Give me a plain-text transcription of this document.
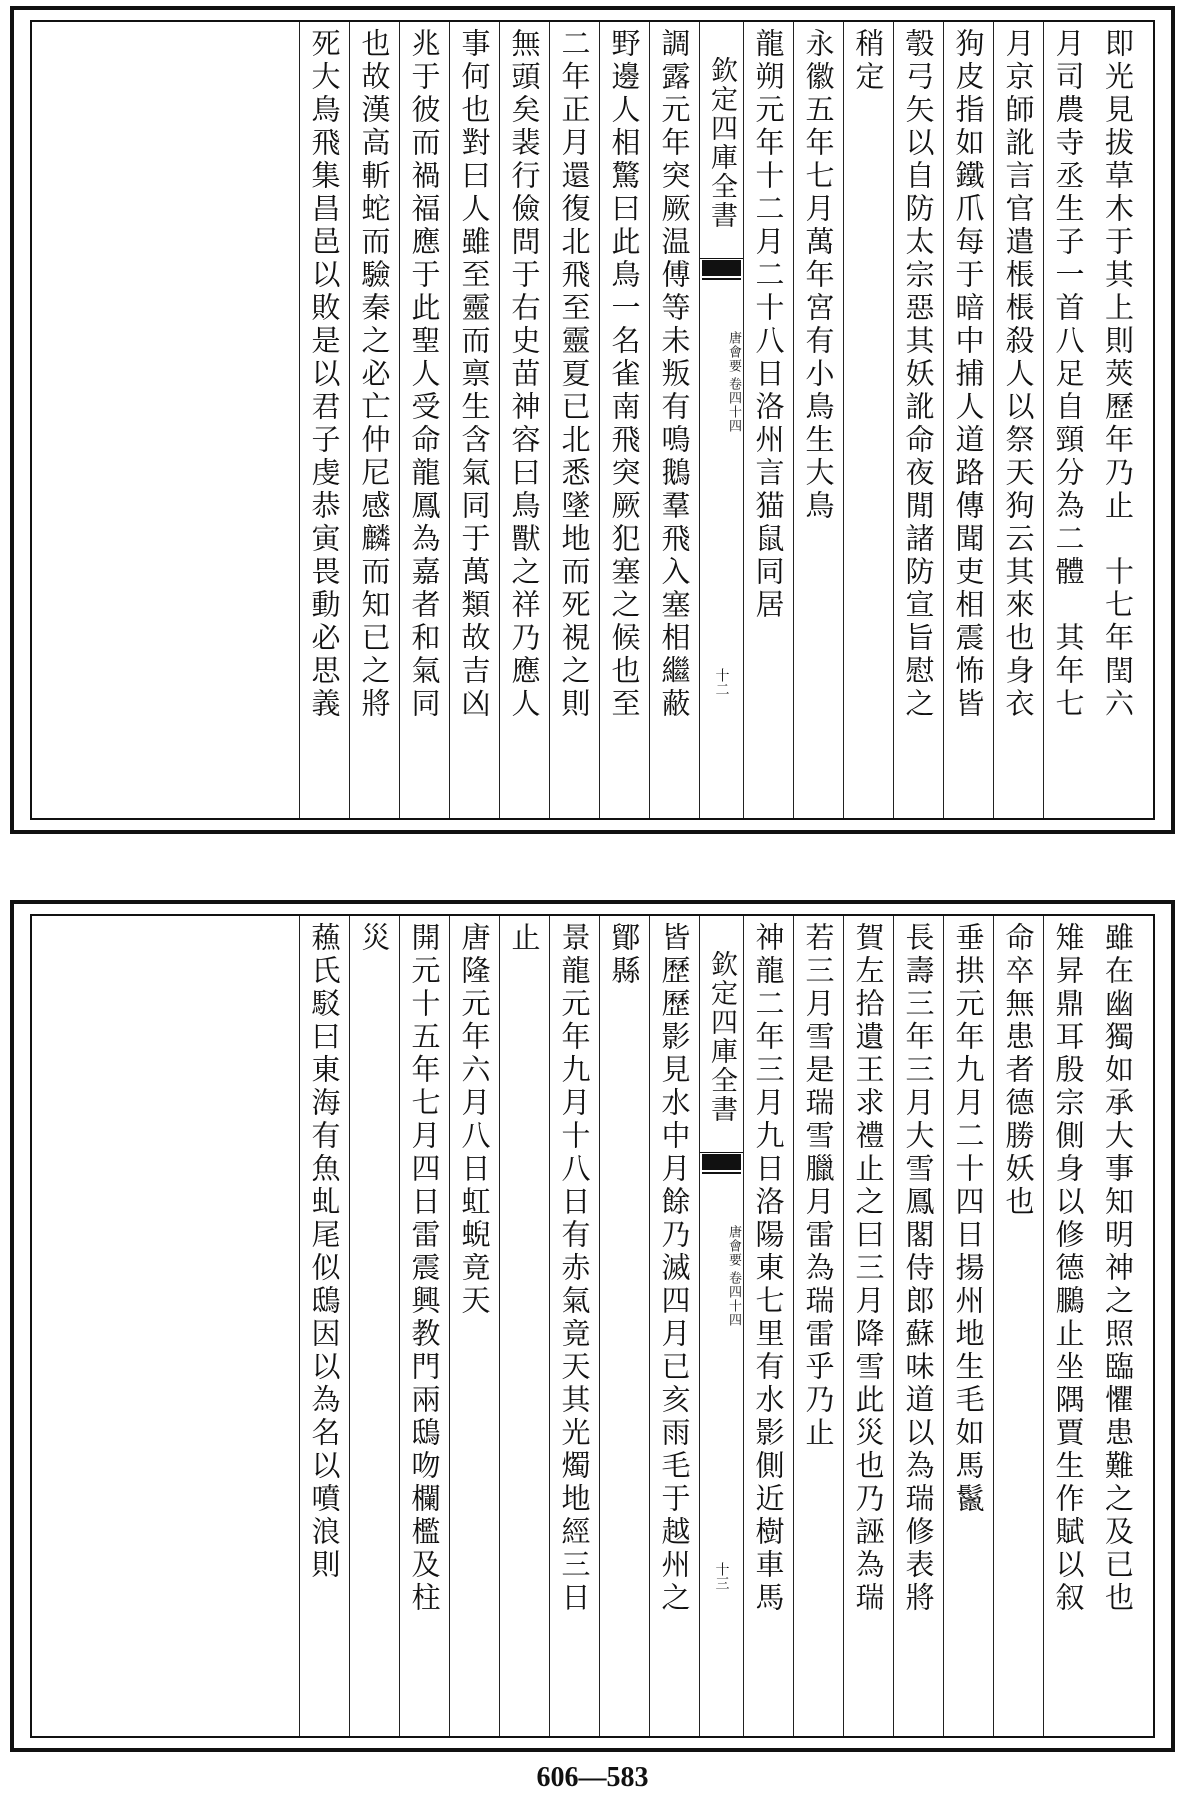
即光見拔草木于其上則莢歷年乃止　十七年閏六
月司農寺丞生子一首八足自頸分為二體　其年七
月京師訛言官遣棖棖殺人以祭天狗云其來也身衣
狗皮指如鐵爪每于暗中捕人道路傳聞吏相震怖皆
彀弓矢以自防太宗惡其妖訛命夜閒諸防宣旨慰之
稍定
永徽五年七月萬年宮有小鳥生大鳥
龍朔元年十二月二十八日洛州言猫鼠同居
欽定四庫全書
唐會要
卷四十四
十二
調露元年突厥温傅等未叛有鳴鵝羣飛入塞相繼蔽
野邊人相驚曰此鳥一名雀南飛突厥犯塞之候也至
二年正月還復北飛至靈夏已北悉墜地而死視之則
無頭矣裴行儉問于右史苗神容曰鳥獸之祥乃應人
事何也對曰人雖至靈而禀生含氣同于萬類故吉凶
兆于彼而禍福應于此聖人受命龍鳳為嘉者和氣同
也故漢高斬蛇而驗秦之必亡仲尼感麟而知已之將
死大鳥飛集昌邑以敗是以君子虔恭寅畏動必思義
雖在幽獨如承大事知明神之照臨懼患難之及已也
雉昇鼎耳殷宗側身以修德鵩止坐隅賈生作賦以叙
命卒無患者德勝妖也
垂拱元年九月二十四日揚州地生毛如馬鬣
長壽三年三月大雪鳳閣侍郎蘇味道以為瑞修表將
賀左拾遺王求禮止之曰三月降雪此災也乃誣為瑞
若三月雪是瑞雪臘月雷為瑞雷乎乃止
神龍二年三月九日洛陽東七里有水影側近樹車馬
欽定四庫全書
唐會要
卷四十四
十三
皆歷歷影見水中月餘乃滅四月已亥雨毛于越州之
鄮縣
景龍元年九月十八日有赤氣竟天其光燭地經三日
止
唐隆元年六月八日虹蜺竟天
開元十五年七月四日雷震興教門兩鴟吻欄檻及柱
災
蘓氏駁曰東海有魚虬尾似鴟因以為名以噴浪則
606—583
